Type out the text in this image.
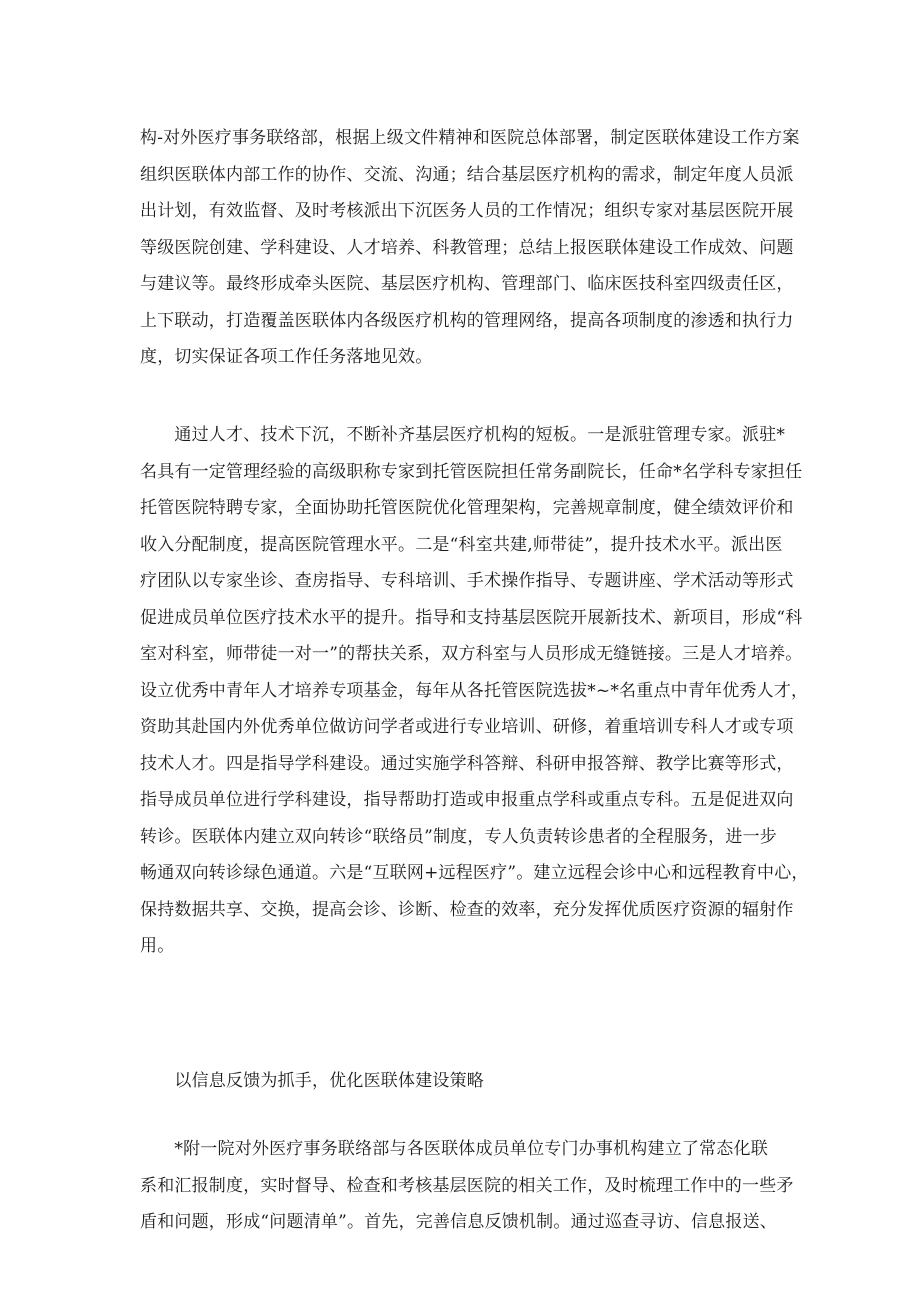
构-对外医疗事务联络部，根据上级文件精神和医院总体部署，制定医联体建设工作方案
组织医联体内部工作的协作、交流、沟通；结合基层医疗机构的需求，制定年度人员派
出计划，有效监督、及时考核派出下沉医务人员的工作情况；组织专家对基层医院开展
等级医院创建、学科建设、人才培养、科教管理；总结上报医联体建设工作成效、问题
与建议等。最终形成牵头医院、基层医疗机构、管理部门、临床医技科室四级责任区，
上下联动，打造覆盖医联体内各级医疗机构的管理网络，提高各项制度的渗透和执行力
度，切实保证各项工作任务落地见效。
　　通过人才、技术下沉，不断补齐基层医疗机构的短板。一是派驻管理专家。派驻*
名具有一定管理经验的高级职称专家到托管医院担任常务副院长，任命*名学科专家担任
托管医院特聘专家，全面协助托管医院优化管理架构，完善规章制度，健全绩效评价和
收入分配制度，提高医院管理水平。二是“科室共建,师带徒”，提升技术水平。派出医
疗团队以专家坐诊、查房指导、专科培训、手术操作指导、专题讲座、学术活动等形式
促进成员单位医疗技术水平的提升。指导和支持基层医院开展新技术、新项目，形成“科
室对科室，师带徒一对一”的帮扶关系，双方科室与人员形成无缝链接。三是人才培养。
设立优秀中青年人才培养专项基金，每年从各托管医院选拔*~*名重点中青年优秀人才，
资助其赴国内外优秀单位做访问学者或进行专业培训、研修，着重培训专科人才或专项
技术人才。四是指导学科建设。通过实施学科答辩、科研申报答辩、教学比赛等形式，
指导成员单位进行学科建设，指导帮助打造或申报重点学科或重点专科。五是促进双向
转诊。医联体内建立双向转诊“联络员”制度，专人负责转诊患者的全程服务，进一步
畅通双向转诊绿色通道。六是“互联网+远程医疗”。建立远程会诊中心和远程教育中心，
保持数据共享、交换，提高会诊、诊断、检查的效率，充分发挥优质医疗资源的辐射作
用。
　　以信息反馈为抓手，优化医联体建设策略
　　*附一院对外医疗事务联络部与各医联体成员单位专门办事机构建立了常态化联
系和汇报制度，实时督导、检查和考核基层医院的相关工作，及时梳理工作中的一些矛
盾和问题，形成“问题清单”。首先，完善信息反馈机制。通过巡查寻访、信息报送、
